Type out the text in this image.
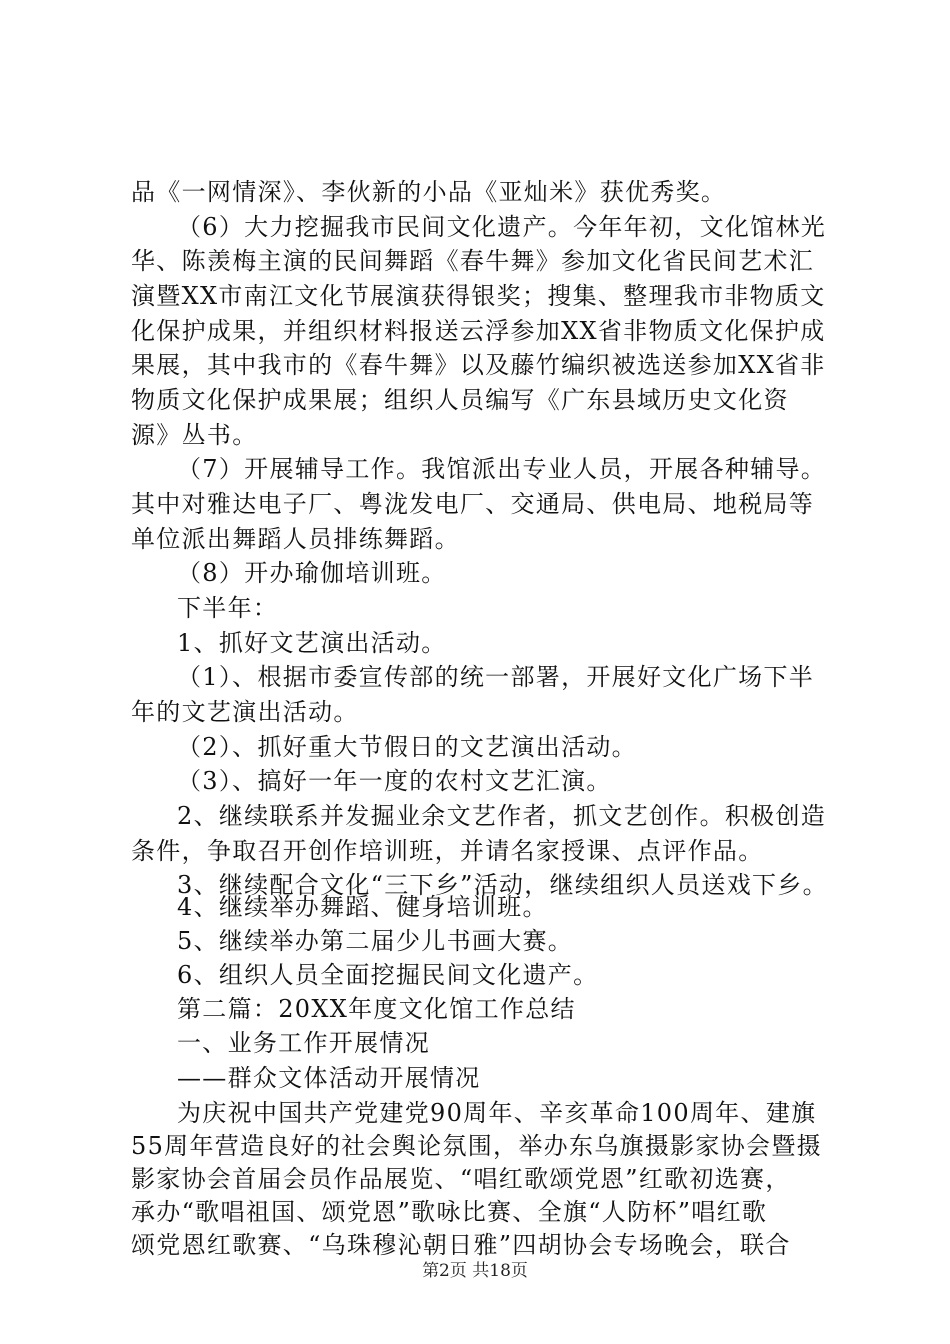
品《一网情深》、李伙新的小品《亚灿米》获优秀奖。
（6）大力挖掘我市民间文化遗产。今年年初，文化馆林光
华、陈羡梅主演的民间舞蹈《春牛舞》参加文化省民间艺术汇
演暨XX市南江文化节展演获得银奖；搜集、整理我市非物质文
化保护成果，并组织材料报送云浮参加XX省非物质文化保护成
果展，其中我市的《春牛舞》以及藤竹编织被选送参加XX省非
物质文化保护成果展；组织人员编写《广东县域历史文化资
源》丛书。
（7）开展辅导工作。我馆派出专业人员，开展各种辅导。
其中对雅达电子厂、粤泷发电厂、交通局、供电局、地税局等
单位派出舞蹈人员排练舞蹈。
（8）开办瑜伽培训班。
下半年：
1、抓好文艺演出活动。
（1）、根据市委宣传部的统一部署，开展好文化广场下半
年的文艺演出活动。
（2）、抓好重大节假日的文艺演出活动。
（3）、搞好一年一度的农村文艺汇演。
2、继续联系并发掘业余文艺作者，抓文艺创作。积极创造
条件，争取召开创作培训班，并请名家授课、点评作品。
3、继续配合文化“三下乡”活动，继续组织人员送戏下乡。
4、继续举办舞蹈、健身培训班。
5、继续举办第二届少儿书画大赛。
6、组织人员全面挖掘民间文化遗产。
第二篇：20XX年度文化馆工作总结
一、业务工作开展情况
——群众文体活动开展情况
为庆祝中国共产党建党90周年、辛亥革命100周年、建旗
55周年营造良好的社会舆论氛围，举办东乌旗摄影家协会暨摄
影家协会首届会员作品展览、“唱红歌颂党恩”红歌初选赛，
第2页 共18页
承办“歌唱祖国、颂党恩”歌咏比赛、全旗“人防杯”唱红歌
颂党恩红歌赛、“乌珠穆沁朝日雅”四胡协会专场晚会，联合
